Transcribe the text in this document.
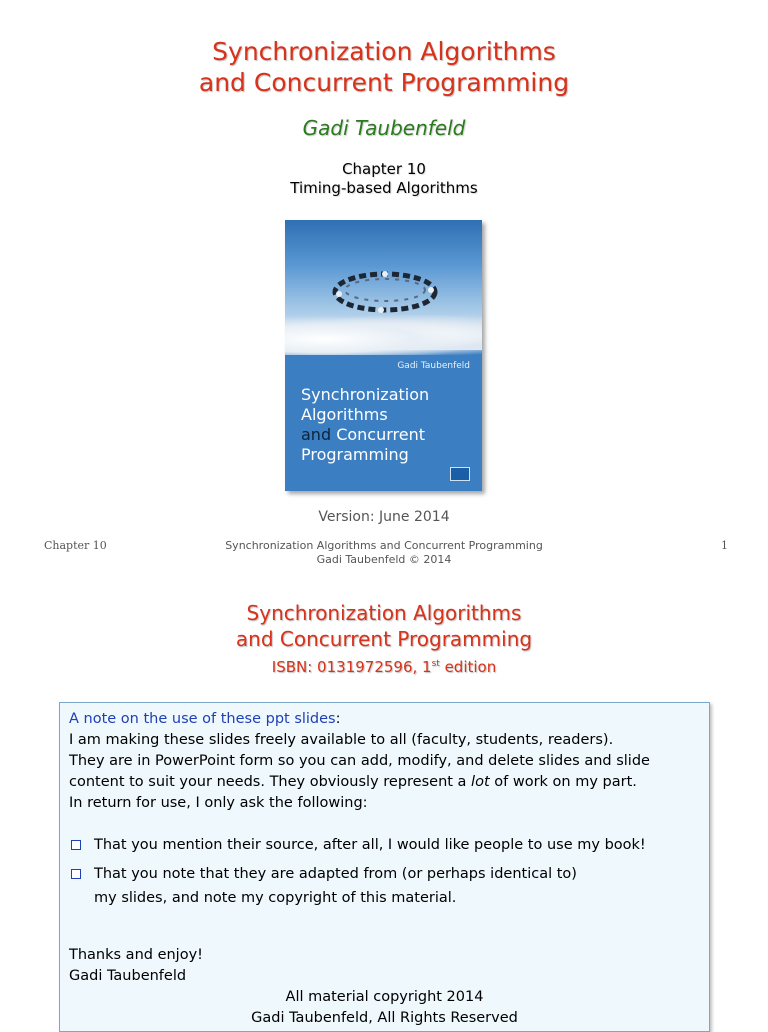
Synchronization Algorithms
and Concurrent Programming
Gadi Taubenfeld
Chapter 10
Timing-based Algorithms
Gadi Taubenfeld
Synchronization
Algorithms
and Concurrent
Programming
Version: June 2014
Chapter 10	Synchronization Algorithms and Concurrent Programming
Gadi Taubenfeld © 2014
1
Synchronization Algorithms
and Concurrent Programming
ISBN: 0131972596, 1st edition
A note on the use of these ppt slides:

I am making these slides freely available to all (faculty, students, readers).

They are in PowerPoint form so you can add, modify, and delete slides and slide

content to suit your needs. They obviously represent a lot of work on my part.

In return for use, I only ask the following:

That you mention their source, after all, I would like people to use my book!
That you note that they are adapted from (or perhaps identical to)
my slides, and note my copyright of this material.

Thanks and enjoy!

Gadi Taubenfeld

All material copyright 2014

Gadi Taubenfeld, All Rights Reserved
